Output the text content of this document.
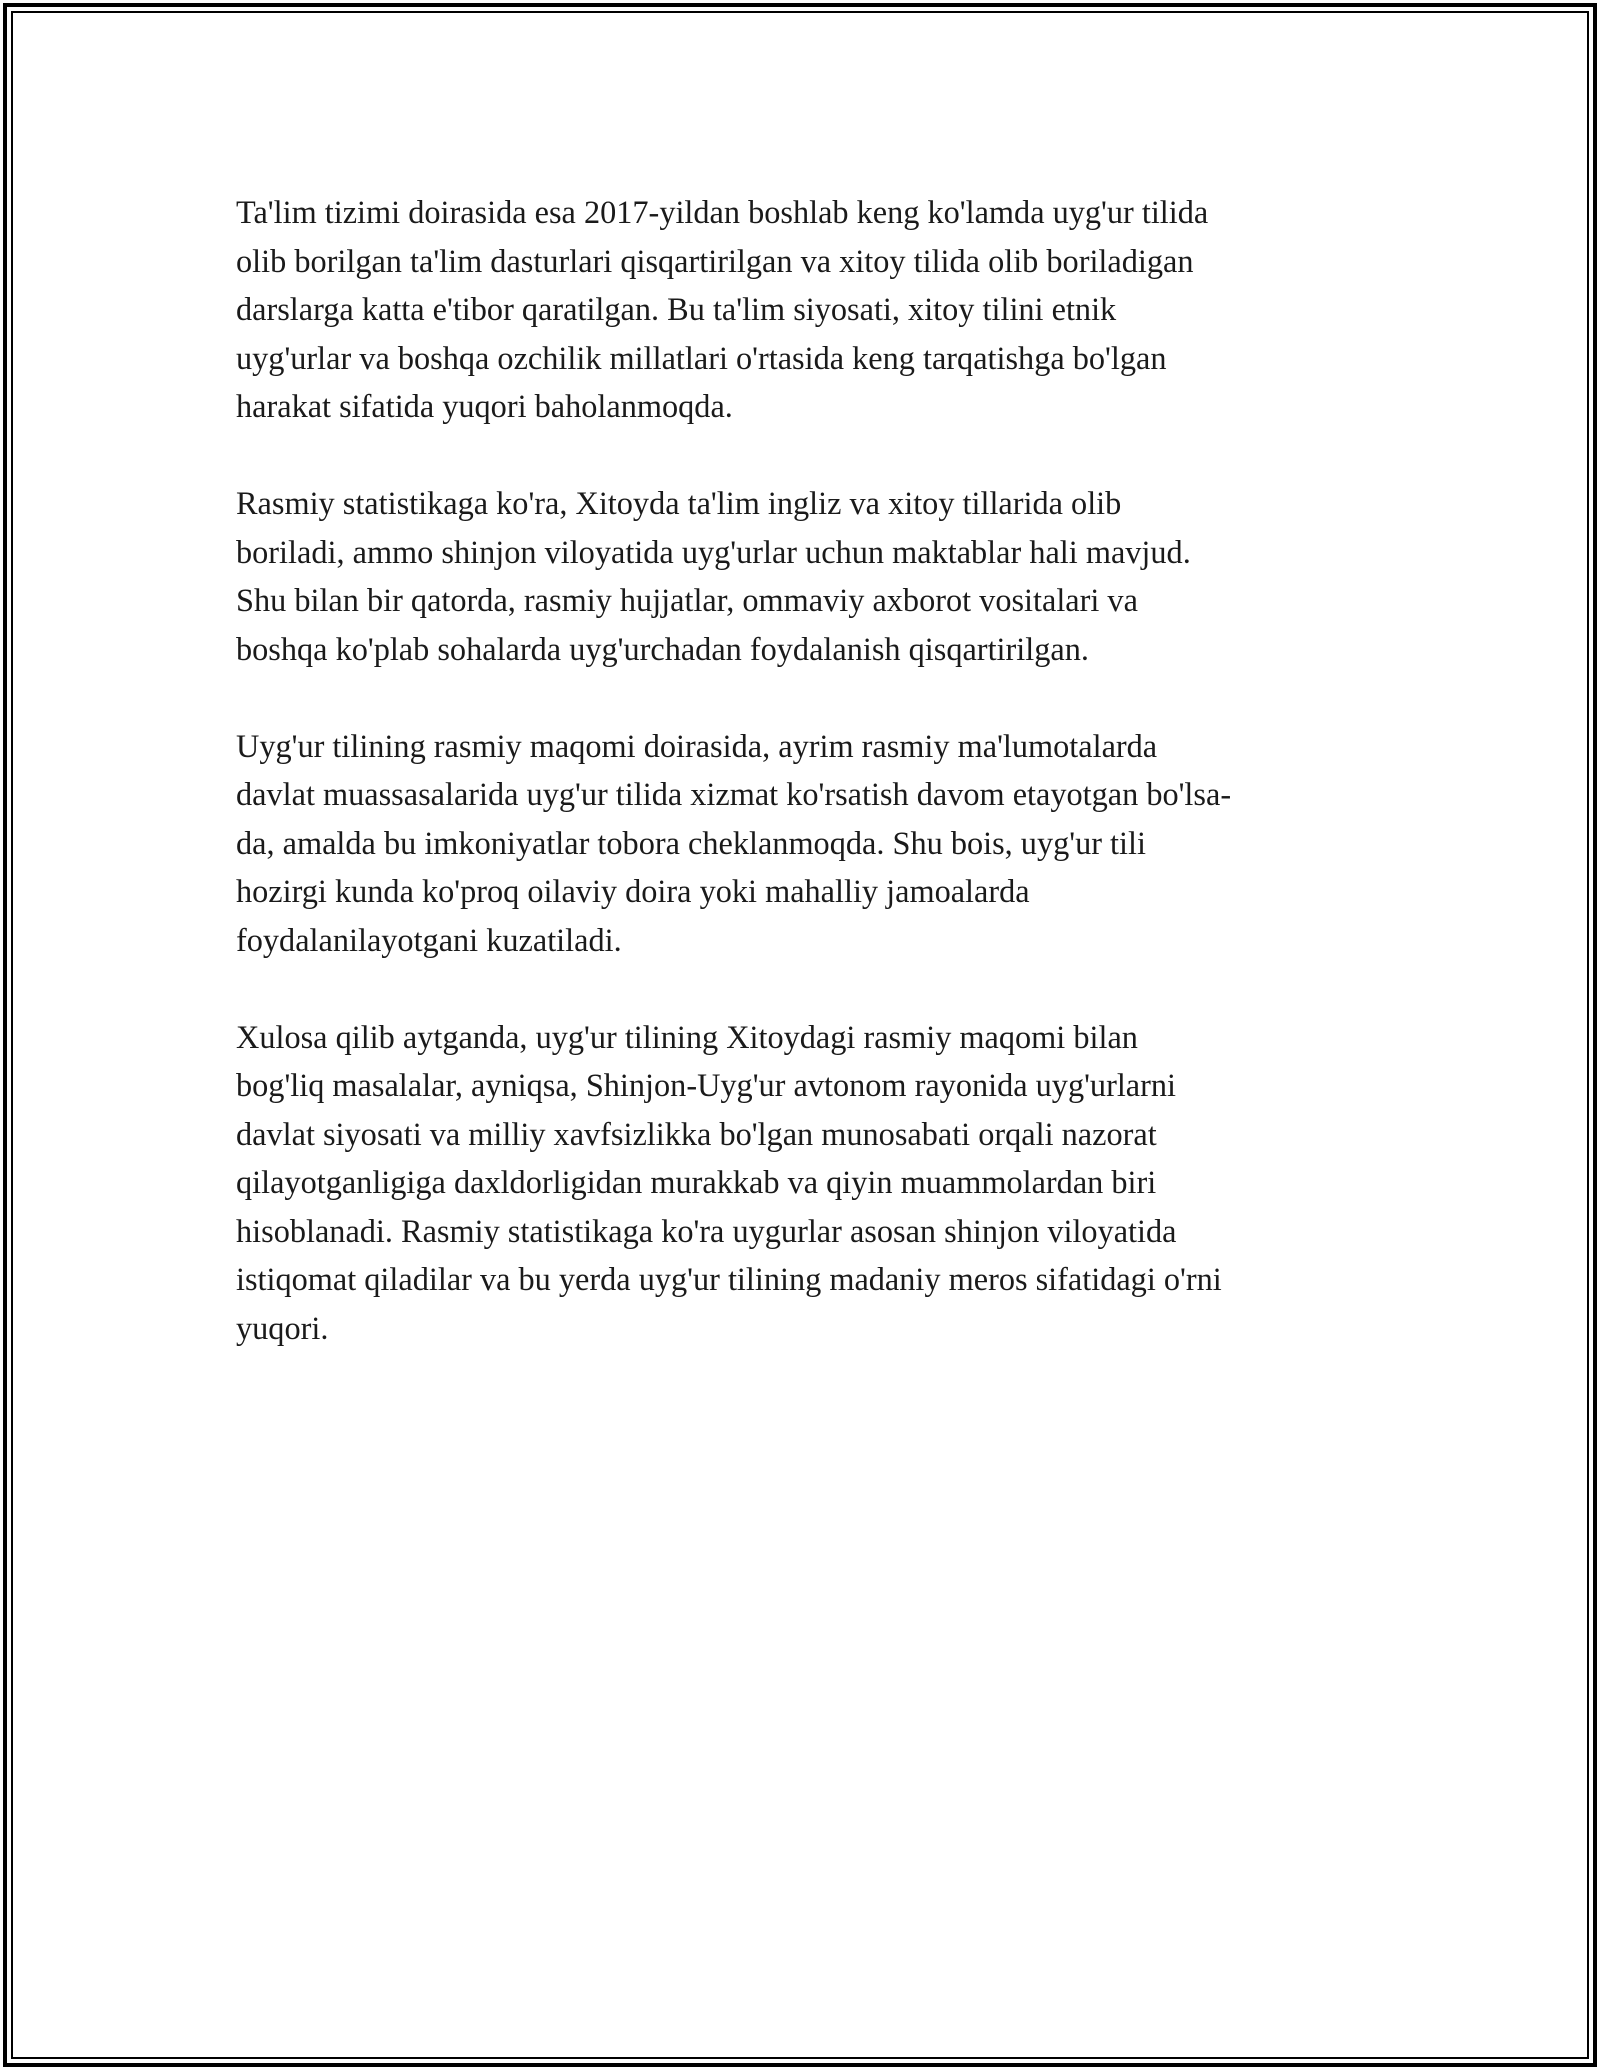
Ta'lim tizimi doirasida esa 2017-yildan boshlab keng ko'lamda uyg'ur tilida
olib borilgan ta'lim dasturlari qisqartirilgan va xitoy tilida olib boriladigan
darslarga katta e'tibor qaratilgan. Bu ta'lim siyosati, xitoy tilini etnik
uyg'urlar va boshqa ozchilik millatlari o'rtasida keng tarqatishga bo'lgan
harakat sifatida yuqori baholanmoqda.

Rasmiy statistikaga ko'ra, Xitoyda ta'lim ingliz va xitoy tillarida olib
boriladi, ammo shinjon viloyatida uyg'urlar uchun maktablar hali mavjud.
Shu bilan bir qatorda, rasmiy hujjatlar, ommaviy axborot vositalari va
boshqa ko'plab sohalarda uyg'urchadan foydalanish qisqartirilgan.

Uyg'ur tilining rasmiy maqomi doirasida, ayrim rasmiy ma'lumotalarda
davlat muassasalarida uyg'ur tilida xizmat ko'rsatish davom etayotgan bo'lsa-
da, amalda bu imkoniyatlar tobora cheklanmoqda. Shu bois, uyg'ur tili
hozirgi kunda ko'proq oilaviy doira yoki mahalliy jamoalarda
foydalanilayotgani kuzatiladi.

Xulosa qilib aytganda, uyg'ur tilining Xitoydagi rasmiy maqomi bilan
bog'liq masalalar, ayniqsa, Shinjon-Uyg'ur avtonom rayonida uyg'urlarni
davlat siyosati va milliy xavfsizlikka bo'lgan munosabati orqali nazorat
qilayotganligiga daxldorligidan murakkab va qiyin muammolardan biri
hisoblanadi. Rasmiy statistikaga ko'ra uygurlar asosan shinjon viloyatida
istiqomat qiladilar va bu yerda uyg'ur tilining madaniy meros sifatidagi o'rni
yuqori.
